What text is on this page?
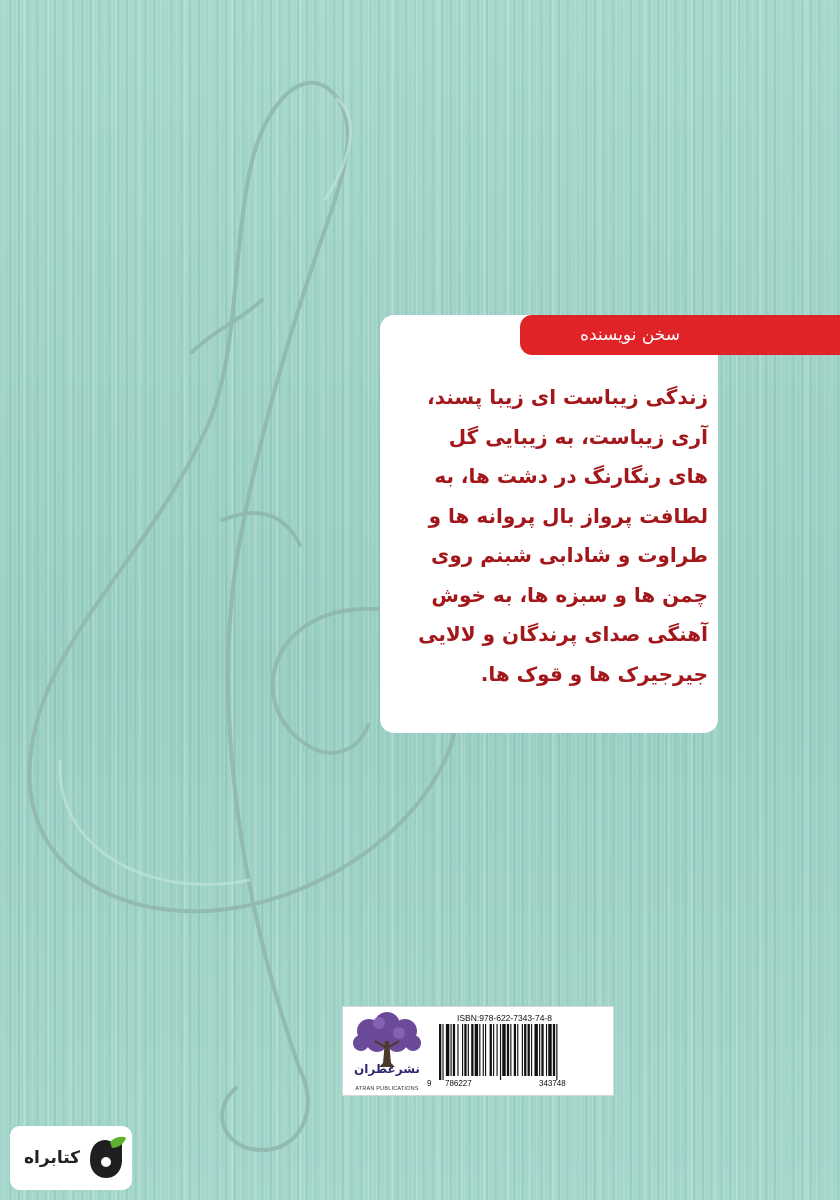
سخن نویسنده
زندگی زیباست ای زیبا پسند،
آری زیباست، به زیبایی گل
های رنگارنگ در دشت ها، به
لطافت پرواز بال پروانه ها و
طراوت و شادابی شبنم روی
چمن ها و سبزه ها، به خوش
آهنگی صدای پرندگان و لالایی
جیرجیرک ها و قوک ها.
نشرعطران
ATRAN PUBLICATIONS
ISBN:978-622-7343-74-8
9 786227	343748
کتابراه
